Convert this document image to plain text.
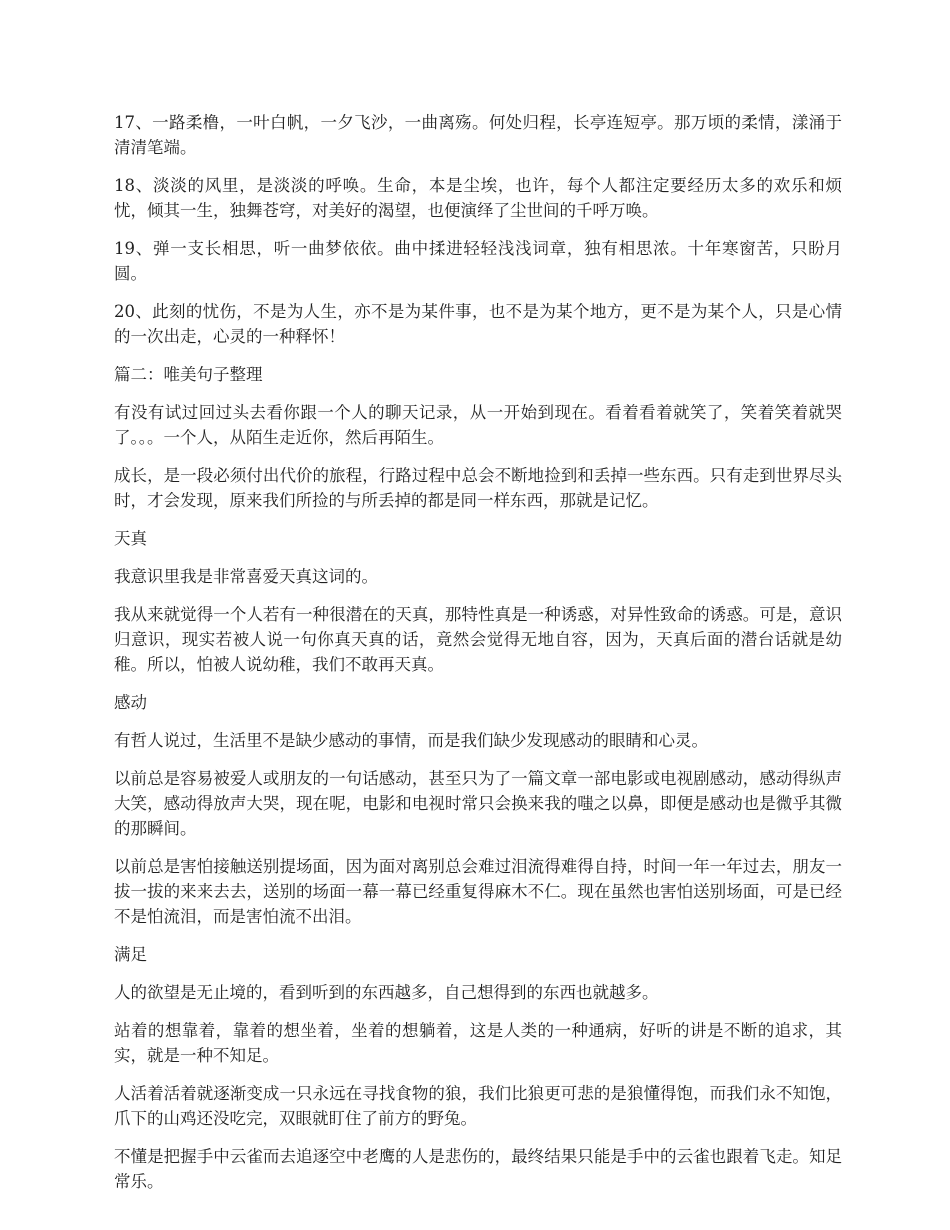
17、一路柔橹，一叶白帆，一夕飞沙，一曲离殇。何处归程，长亭连短亭。那万顷的柔情，漾涌于清清笔端。

18、淡淡的风里，是淡淡的呼唤。生命，本是尘埃，也许，每个人都注定要经历太多的欢乐和烦忧，倾其一生，独舞苍穹，对美好的渴望，也便演绎了尘世间的千呼万唤。

19、弹一支长相思，听一曲梦依依。曲中揉进轻轻浅浅词章，独有相思浓。十年寒窗苦，只盼月圆。

20、此刻的忧伤，不是为人生，亦不是为某件事，也不是为某个地方，更不是为某个人，只是心情的一次出走，心灵的一种释怀！

篇二：唯美句子整理

有没有试过回过头去看你跟一个人的聊天记录，从一开始到现在。看着看着就笑了，笑着笑着就哭了。。。一个人，从陌生走近你，然后再陌生。

成长，是一段必须付出代价的旅程，行路过程中总会不断地捡到和丢掉一些东西。只有走到世界尽头时，才会发现，原来我们所捡的与所丢掉的都是同一样东西，那就是记忆。

天真

我意识里我是非常喜爱天真这词的。

我从来就觉得一个人若有一种很潜在的天真，那特性真是一种诱惑，对异性致命的诱惑。可是，意识归意识，现实若被人说一句你真天真的话，竟然会觉得无地自容，因为，天真后面的潜台话就是幼稚。所以，怕被人说幼稚，我们不敢再天真。

感动

有哲人说过，生活里不是缺少感动的事情，而是我们缺少发现感动的眼睛和心灵。

以前总是容易被爱人或朋友的一句话感动，甚至只为了一篇文章一部电影或电视剧感动，感动得纵声大笑，感动得放声大哭，现在呢，电影和电视时常只会换来我的嗤之以鼻，即便是感动也是微乎其微的那瞬间。

以前总是害怕接触送别提场面，因为面对离别总会难过泪流得难得自持，时间一年一年过去，朋友一拔一拔的来来去去，送别的场面一幕一幕已经重复得麻木不仁。现在虽然也害怕送别场面，可是已经不是怕流泪，而是害怕流不出泪。

满足

人的欲望是无止境的，看到听到的东西越多，自己想得到的东西也就越多。

站着的想靠着，靠着的想坐着，坐着的想躺着，这是人类的一种通病，好听的讲是不断的追求，其实，就是一种不知足。

人活着活着就逐渐变成一只永远在寻找食物的狼，我们比狼更可悲的是狼懂得饱，而我们永不知饱，爪下的山鸡还没吃完，双眼就盯住了前方的野兔。

不懂是把握手中云雀而去追逐空中老鹰的人是悲伤的，最终结果只能是手中的云雀也跟着飞走。知足常乐。
